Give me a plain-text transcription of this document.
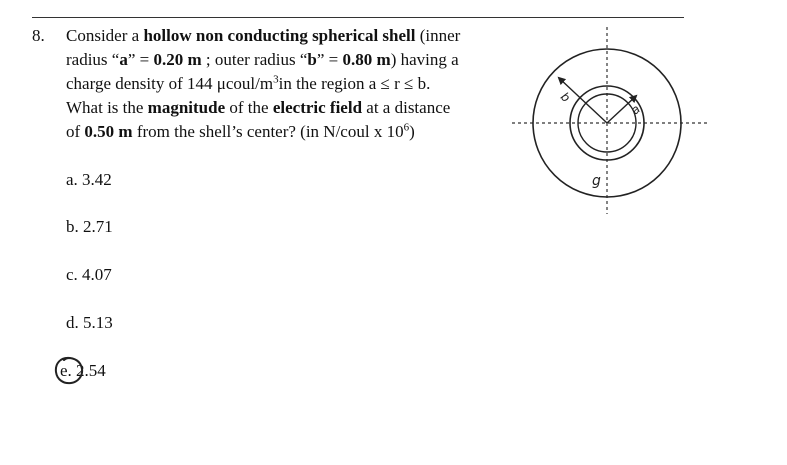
8. Consider a hollow non conducting spherical shell (inner
radius “a” = 0.20 m ; outer radius “b” = 0.80 m) having a
charge density of 144 μcoul/$m^3in$ the region a ≤ r ≤ b.
What is the magnitude of the electric field at a distance
of 0.50 m from the shell’s center? (in N/coul x $10^6$)
a. 3.42
b. 2.71
c. 4.07
d. 5.13
e. 2.54
b
a
g
